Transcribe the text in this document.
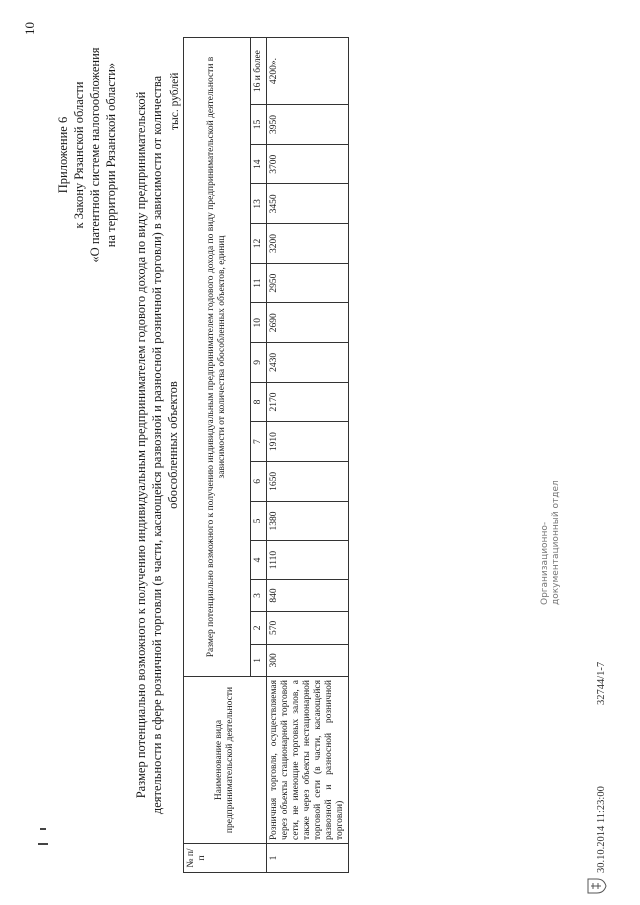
10
Приложение 6 к Закону Рязанской области «О патентной системе налогообложения на территории Рязанской области» Размер потенциально возможного к получению индивидуальным предпринимателем годового дохода по виду предпринимательской деятельности в сфере розничной торговли (в части, касающейся развозной и разносной розничной торговли) в зависимости от количества обособленных объектов
тыс. рублей
№ п/п	Наименование вида предпринимательской деятельности	Размер потенциально возможного к получению индивидуальным предпринимателем годового дохода по виду предпринимательской деятельности в зависимости от количества обособленных объектов, единиц															
		1	2	3	4	5	6	7	8	9	10	11	12	13	14	15	16 и более
1	Розничная торговля, осуществляемая через объекты стационарной торговой сети, не имеющие торговых залов, а также через объекты нестационарной торговой сети (в части, касающейся развозной и разносной розничной торговли)	300	570	840	1110	1380	1650	1910	2170	2430	2690	2950	3200	3450	3700	3950	4200».
30.10.2014 11:23:00
32744/1-7
Организационно- документационный отдел
